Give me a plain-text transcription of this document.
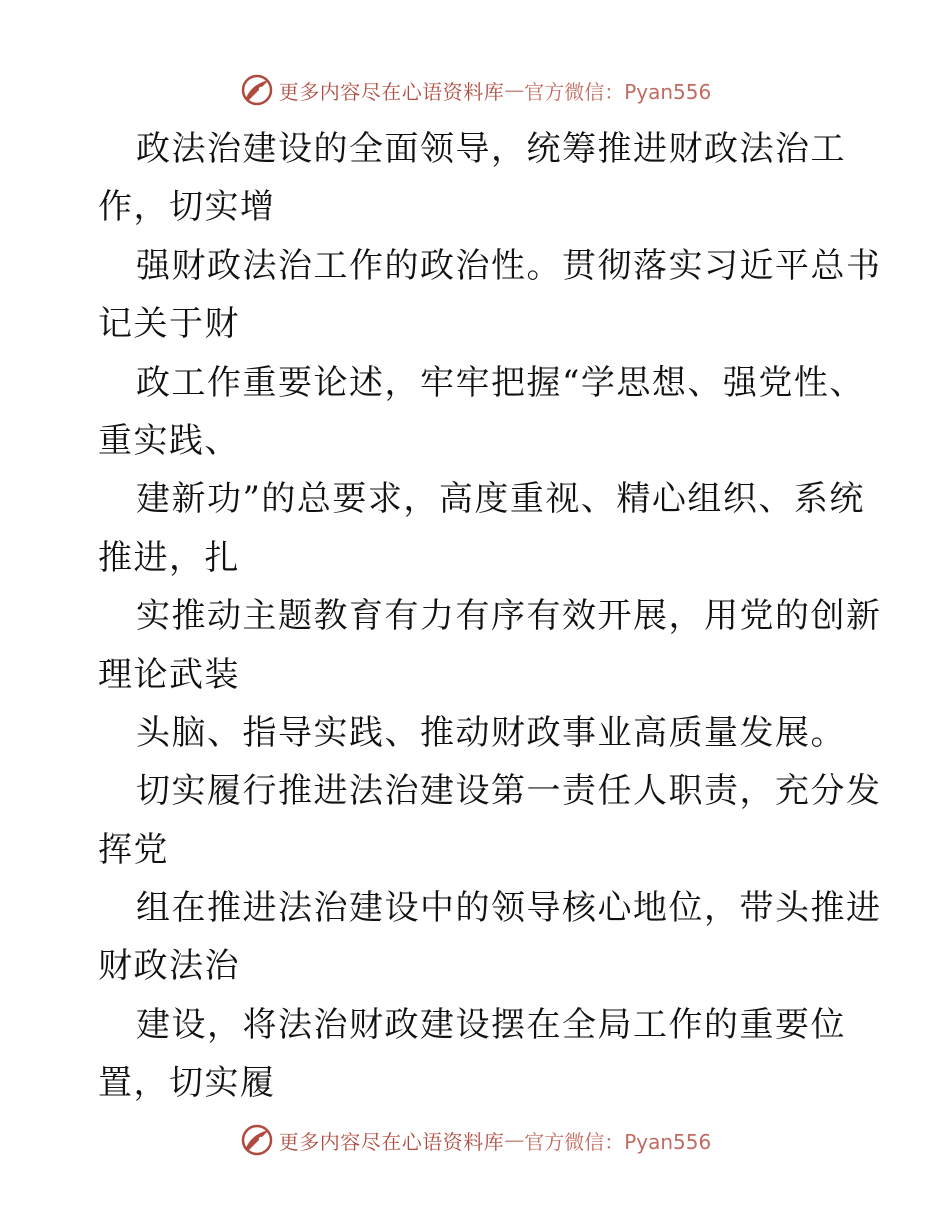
更多内容尽在心语资料库 — 官方微信：Pyan556
政法治建设的全面领导，统筹推进财政法治工
作，切实增
强财政法治工作的政治性。贯彻落实习近平总书
记关于财
政工作重要论述，牢牢把握“学思想、强党性、
重实践、
建新功”的总要求，高度重视、精心组织、系统
推进，扎
实推动主题教育有力有序有效开展，用党的创新
理论武装
头脑、指导实践、推动财政事业高质量发展。
切实履行推进法治建设第一责任人职责，充分发
挥党
组在推进法治建设中的领导核心地位，带头推进
财政法治
建设，将法治财政建设摆在全局工作的重要位
置，切实履
更多内容尽在心语资料库 — 官方微信：Pyan556
